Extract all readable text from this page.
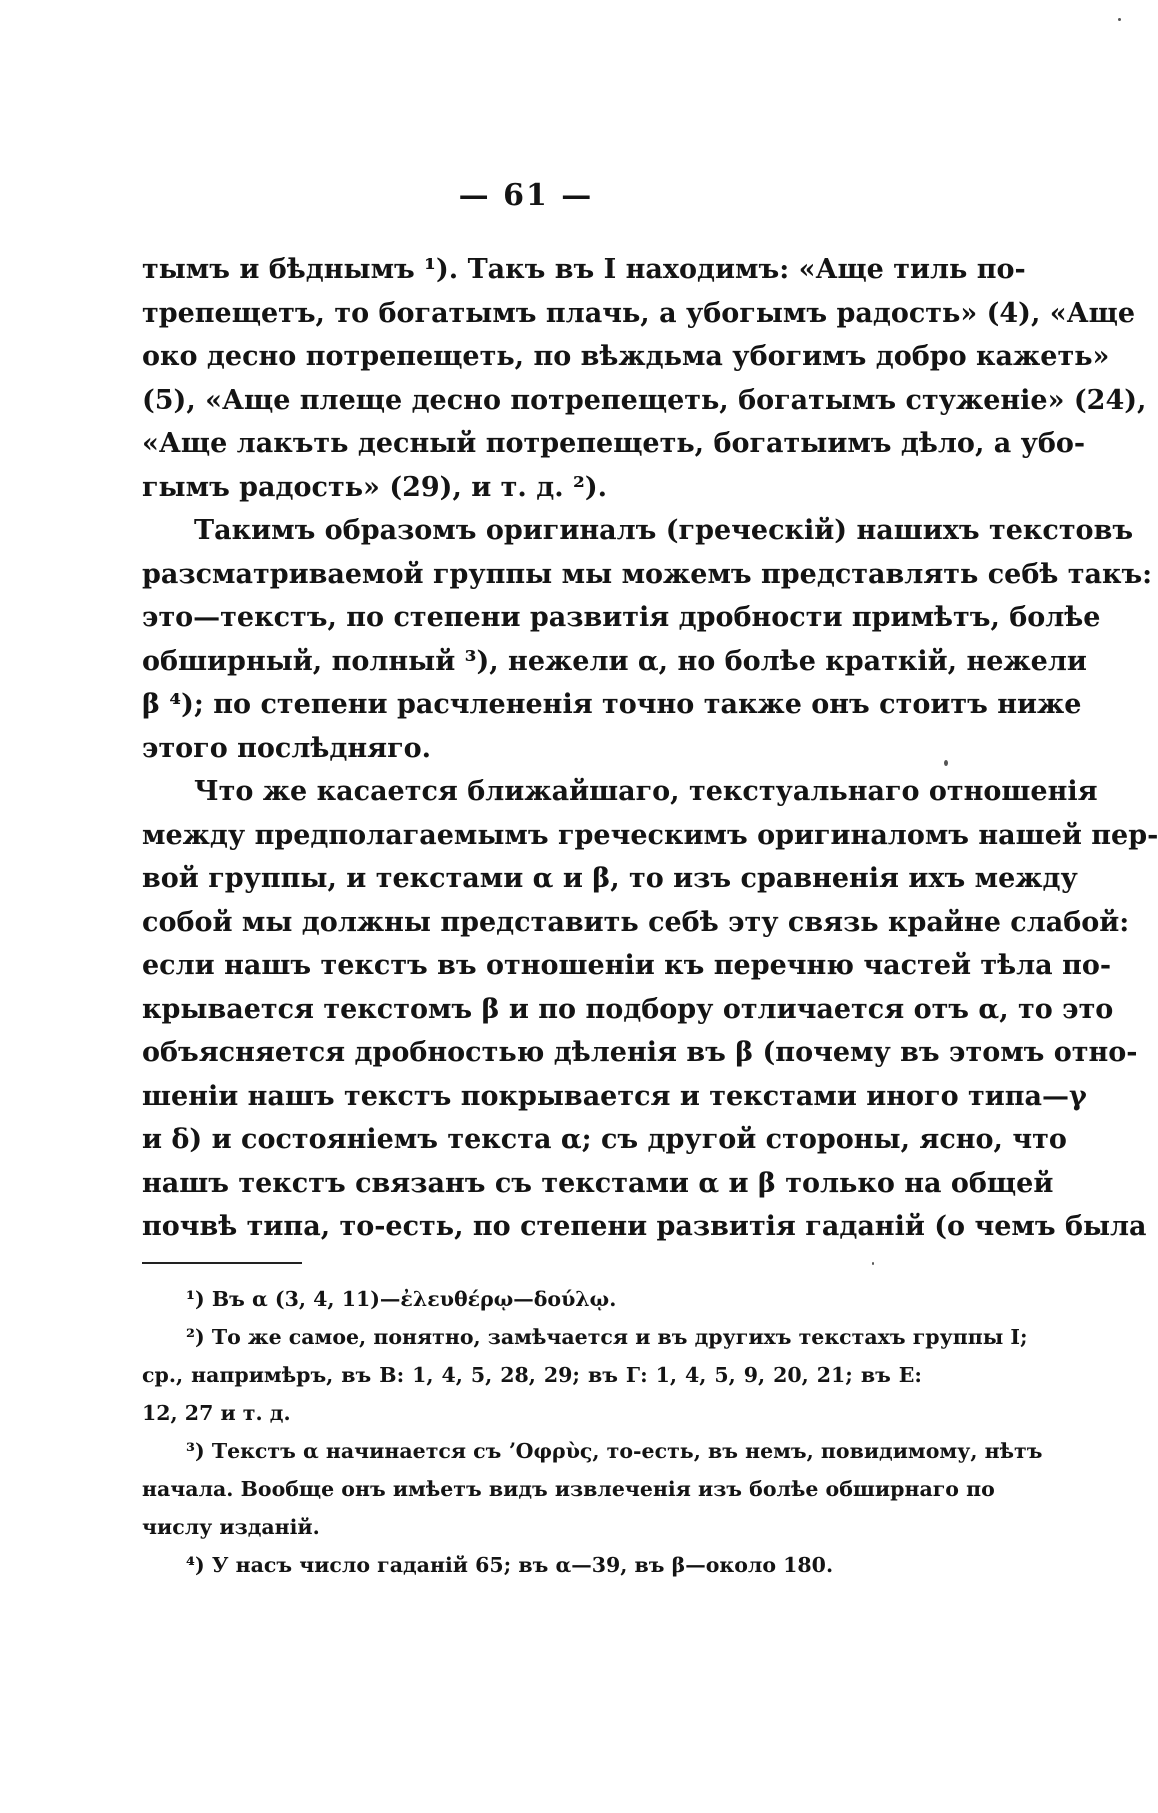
— 61 —
тымъ и бѣднымъ ¹). Такъ въ I находимъ: «Аще тиль по-
трепещетъ, то богатымъ плачь, а убогымъ радость» (4), «Аще
око десно потрепещеть, по вѣждьма убогимъ добро кажеть»
(5), «Аще плеще десно потрепещеть, богатымъ стуженіе» (24),
«Аще лакъть десный потрепещеть, богатыимъ дѣло, а убо-
гымъ радость» (29), и т. д. ²).
Такимъ образомъ оригиналъ (греческій) нашихъ текстовъ
разсматриваемой группы мы можемъ представлять себѣ такъ:
это—текстъ, по степени развитія дробности примѣтъ, болѣе
обширный, полный ³), нежели α, но болѣе краткій, нежели
β ⁴); по степени расчлененія точно также онъ стоитъ ниже
этого послѣдняго.
Что же касается ближайшаго, текстуальнаго отношенія
между предполагаемымъ греческимъ оригиналомъ нашей пер-
вой группы, и текстами α и β, то изъ сравненія ихъ между
собой мы должны представить себѣ эту связь крайне слабой:
если нашъ текстъ въ отношеніи къ перечню частей тѣла по-
крывается текстомъ β и по подбору отличается отъ α, то это
объясняется дробностью дѣленія въ β (почему въ этомъ отно-
шеніи нашъ текстъ покрывается и текстами иного типа—γ
и δ) и состояніемъ текста α; съ другой стороны, ясно, что
нашъ текстъ связанъ съ текстами α и β только на общей
почвѣ типа, то-есть, по степени развитія гаданій (о чемъ была
¹) Въ α (3, 4, 11)—ἐλευθέρῳ—δούλῳ.
²) То же самое, понятно, замѣчается и въ другихъ текстахъ группы I;
ср., напримѣръ, въ В: 1, 4, 5, 28, 29; въ Г: 1, 4, 5, 9, 20, 21; въ Е:
12, 27 и т. д.
³) Текстъ α начинается съ ʼΟφρὺς, то-есть, въ немъ, повидимому, нѣтъ
начала. Вообще онъ имѣетъ видъ извлеченія изъ болѣе обширнаго по
числу изданій.
⁴) У насъ число гаданій 65; въ α—39, въ β—около 180.
